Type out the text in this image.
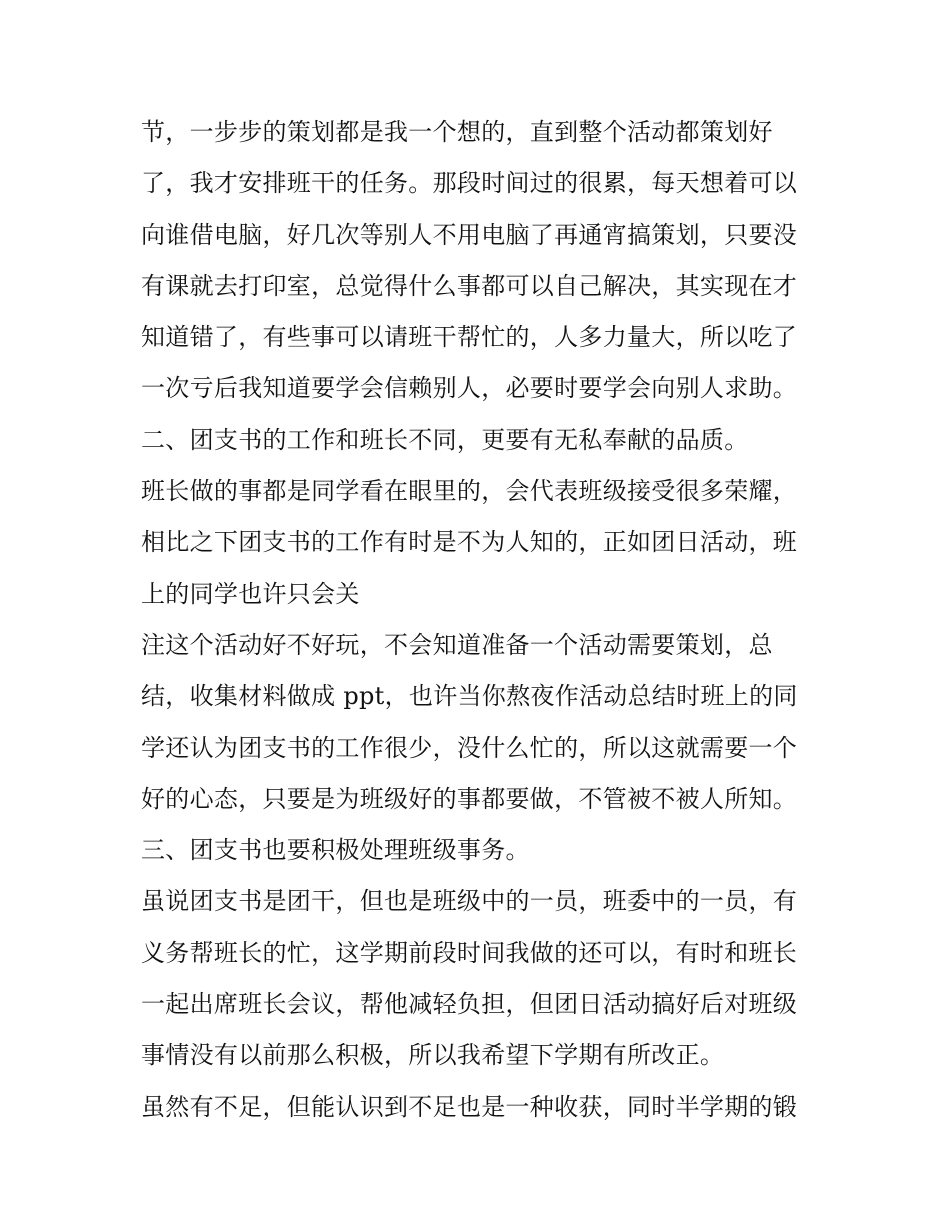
节，一步步的策划都是我一个想的，直到整个活动都策划好
了，我才安排班干的任务。那段时间过的很累，每天想着可以
向谁借电脑，好几次等别人不用电脑了再通宵搞策划，只要没
有课就去打印室，总觉得什么事都可以自己解决，其实现在才
知道错了，有些事可以请班干帮忙的，人多力量大，所以吃了
一次亏后我知道要学会信赖别人，必要时要学会向别人求助。
二、团支书的工作和班长不同，更要有无私奉献的品质。
班长做的事都是同学看在眼里的，会代表班级接受很多荣耀，
相比之下团支书的工作有时是不为人知的，正如团日活动，班
上的同学也许只会关
注这个活动好不好玩，不会知道准备一个活动需要策划，总
结，收集材料做成 ppt，也许当你熬夜作活动总结时班上的同
学还认为团支书的工作很少，没什么忙的，所以这就需要一个
好的心态，只要是为班级好的事都要做，不管被不被人所知。
三、团支书也要积极处理班级事务。
虽说团支书是团干，但也是班级中的一员，班委中的一员，有
义务帮班长的忙，这学期前段时间我做的还可以，有时和班长
一起出席班长会议，帮他减轻负担，但团日活动搞好后对班级
事情没有以前那么积极，所以我希望下学期有所改正。
虽然有不足，但能认识到不足也是一种收获，同时半学期的锻
